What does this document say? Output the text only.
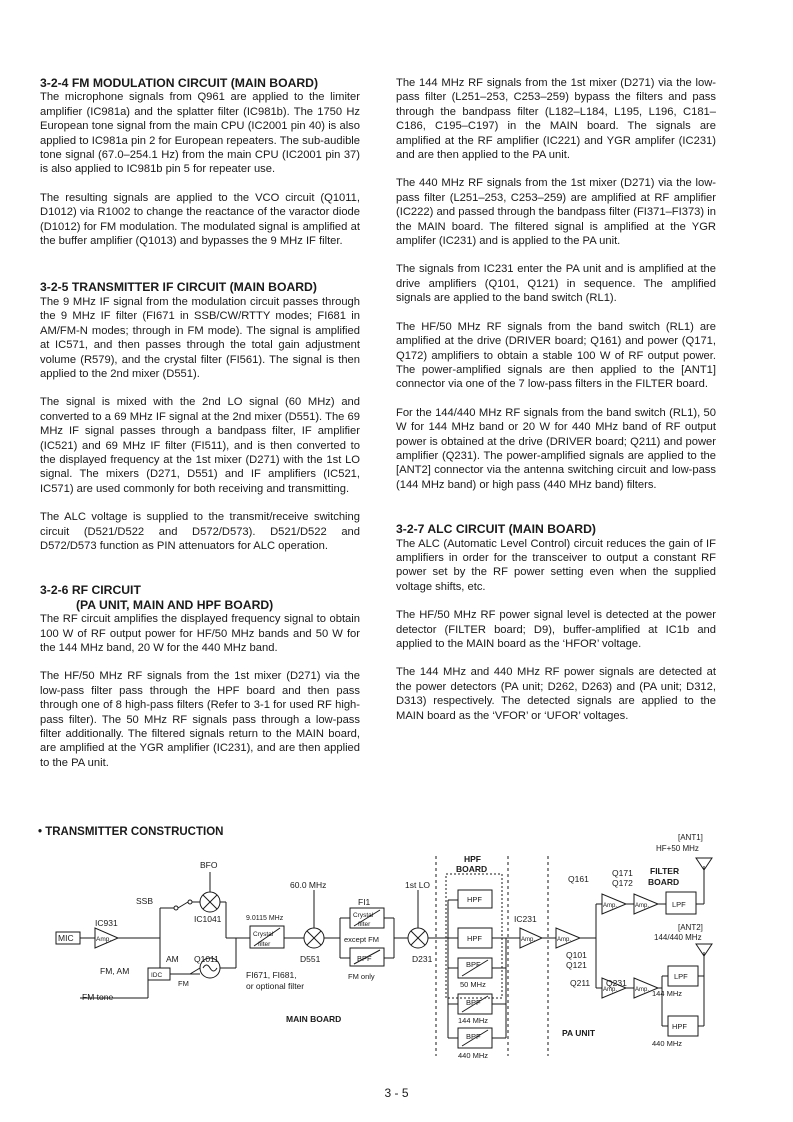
3-2-4 FM MODULATION CIRCUIT (MAIN BOARD)

The microphone signals from Q961 are applied to the limiter amplifier (IC981a) and the splatter filter (IC981b). The 1750 Hz European tone signal from the main CPU (IC2001 pin 40) is also applied to IC981a pin 2 for European repeaters. The sub-audible tone signal (67.0–254.1 Hz) from the main CPU (IC2001 pin 37) is also applied to IC981b pin 5 for repeater use.

The resulting signals are applied to the VCO circuit (Q1011, D1012) via R1002 to change the reactance of the varactor diode (D1012) for FM modulation. The modulated signal is amplified at the buffer amplifier (Q1013) and bypasses the 9 MHz IF filter.

3-2-5 TRANSMITTER IF CIRCUIT (MAIN BOARD)

The 9 MHz IF signal from the modulation circuit passes through the 9 MHz IF filter (FI671 in SSB/CW/RTTY modes; FI681 in AM/FM-N modes; through in FM mode). The signal is amplified at IC571, and then passes through the total gain adjustment volume (R579), and the crystal filter (FI561). The signal is then applied to the 2nd mixer (D551).

The signal is mixed with the 2nd LO signal (60 MHz) and converted to a 69 MHz IF signal at the 2nd mixer (D551). The 69 MHz IF signal passes through a bandpass filter, IF amplifier (IC521) and 69 MHz IF filter (FI511), and is then converted to the displayed frequency at the 1st mixer (D271) with the 1st LO signal. The mixers (D271, D551) and IF amplifiers (IC521, IC571) are used commonly for both receiving and transmitting.

The ALC voltage is supplied to the transmit/receive switching circuit (D521/D522 and D572/D573). D521/D522 and D572/D573 function as PIN attenuators for ALC operation.

3-2-6 RF CIRCUIT
(PA UNIT, MAIN AND HPF BOARD)

The RF circuit amplifies the displayed frequency signal to obtain 100 W of RF output power for HF/50 MHz bands and 50 W for the 144 MHz band, 20 W for the 440 MHz band.

The HF/50 MHz RF signals from the 1st mixer (D271) via the low-pass filter pass through the HPF board and then pass through one of 8 high-pass filters (Refer to 3-1 for used RF high-pass filter). The 50 MHz RF signals pass through a low-pass filter additionally. The filtered signals return to the MAIN board, are amplified at the YGR amplifier (IC231), and are then applied to the PA unit.

The 144 MHz RF signals from the 1st mixer (D271) via the low-pass filter (L251–253, C253–259) bypass the filters and pass through the bandpass filter (L182–L184, L195, L196, C181–C186, C195–C197) in the MAIN board. The signals are amplified at the RF amplifier (IC221) and YGR amplifer (IC231) and are then applied to the PA unit.

The 440 MHz RF signals from the 1st mixer (D271) via the low-pass filter (L251–253, C253–259) are amplified at RF amplifier (IC222) and passed through the bandpass filter (FI371–FI373) in the MAIN board. The filtered signal is amplified at the YGR amplifer (IC231) and is applied to the PA unit.

The signals from IC231 enter the PA unit and is amplified at the drive amplifiers (Q101, Q121) in sequence. The amplified signals are applied to the band switch (RL1).

The HF/50 MHz RF signals from the band switch (RL1) are amplified at the drive (DRIVER board; Q161) and power (Q171, Q172) amplifiers to obtain a stable 100 W of RF output power. The power-amplified signals are then applied to the [ANT1] connector via one of the 7 low-pass filters in the FILTER board.

For the 144/440 MHz RF signals from the band switch (RL1), 50 W for 144 MHz band or 20 W for 440 MHz band of RF output power is obtained at the drive (DRIVER board; Q211) and power amplifier (Q231). The power-amplified signals are applied to the [ANT2] connector via the antenna switching circuit and low-pass (144 MHz band) or high pass (440 MHz band) filters.

3-2-7 ALC CIRCUIT (MAIN BOARD)

The ALC (Automatic Level Control) circuit reduces the gain of IF amplifiers in order for the transceiver to output a constant RF power set by the RF power setting even when the supplied voltage shifts, etc.

The HF/50 MHz RF power signal level is detected at the power detector (FILTER board; D9), buffer-amplified at IC1b and applied to the MAIN board as the ‘HFOR’ voltage.

The 144 MHz and 440 MHz RF power signals are detected at the power detectors (PA unit; D262, D263) and (PA unit; D312, D313) respectively. The detected signals are applied to the MAIN board as the ‘VFOR’ or ‘UFOR’ voltages.

• TRANSMITTER CONSTRUCTION
MIC
IC931
Amp.
SSB
BFO
IC1041
AM
FM, AM	IDC
FM
Q1011
FM tone
9.0115 MHz
Crystal
filter
FI671, FI681,
or optional filter
60.0 MHz
D551
FI1
Crystal
filter
except FM
BPF
FM only
1st LO
D231
MAIN BOARD
HPF
BOARD
HPF
HPF
BPF
50 MHz
BPF
144 MHz
BPF
440 MHz
IC231
Amp.	Amp.
Q101
Q121
Q161
Amp.
Q171
Q172
Amp.
FILTER
BOARD
LPF
[ANT1]
HF+50 MHz
[ANT2]
144/440 MHz
Q211
Amp.
Q231
Amp.
LPF
144 MHz
HPF
440 MHz
PA UNIT
3 - 5
